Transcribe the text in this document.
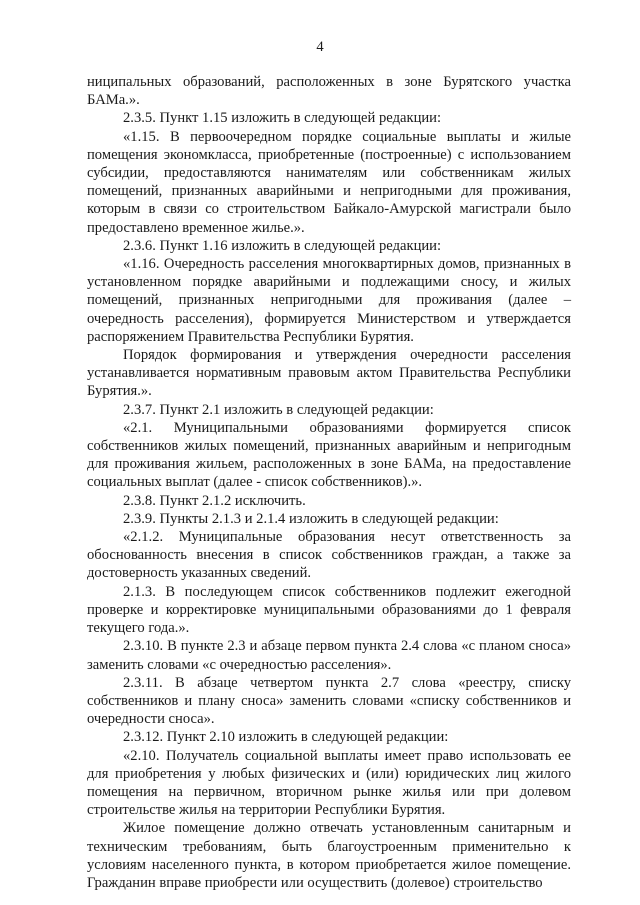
4

ниципальных образований, расположенных в зоне Бурятского участка БАМа.».

2.3.5. Пункт 1.15 изложить в следующей редакции:

«1.15. В первоочередном порядке социальные выплаты и жилые помещения экономкласса, приобретенные (построенные) с использованием субсидии, предоставляются нанимателям или собственникам жилых помещений, признанных аварийными и непригодными для проживания, которым в связи со строительством Байкало-Амурской магистрали было предоставлено временное жилье.».

2.3.6. Пункт 1.16 изложить в следующей редакции:

«1.16. Очередность расселения многоквартирных домов, признанных в установленном порядке аварийными и подлежащими сносу, и жилых помещений, признанных непригодными для проживания (далее – очередность расселения), формируется Министерством и утверждается распоряжением Правительства Республики Бурятия.

Порядок формирования и утверждения очередности расселения устанавливается нормативным правовым актом Правительства Республики Бурятия.».

2.3.7. Пункт 2.1 изложить в следующей редакции:

«2.1. Муниципальными образованиями формируется список собственников жилых помещений, признанных аварийным и непригодным для проживания жильем, расположенных в зоне БАМа, на предоставление социальных выплат (далее - список собственников).».

2.3.8. Пункт 2.1.2 исключить.

2.3.9. Пункты 2.1.3 и 2.1.4 изложить в следующей редакции:

«2.1.2. Муниципальные образования несут ответственность за обоснованность внесения в список собственников граждан, а также за достоверность указанных сведений.

2.1.3. В последующем список собственников подлежит ежегодной проверке и корректировке муниципальными образованиями до 1 февраля текущего года.».

2.3.10. В пункте 2.3 и абзаце первом пункта 2.4 слова «с планом сноса» заменить словами «с очередностью расселения».

2.3.11. В абзаце четвертом пункта 2.7 слова «реестру, списку собственников и плану сноса» заменить словами «списку собственников и очередности сноса».

2.3.12. Пункт 2.10 изложить в следующей редакции:

«2.10. Получатель социальной выплаты имеет право использовать ее для приобретения у любых физических и (или) юридических лиц жилого помещения на первичном, вторичном рынке жилья или при долевом строительстве жилья на территории Республики Бурятия.

Жилое помещение должно отвечать установленным санитарным и техническим требованиям, быть благоустроенным применительно к условиям населенного пункта, в котором приобретается жилое помещение. Гражданин вправе приобрести или осуществить (долевое) строительство
